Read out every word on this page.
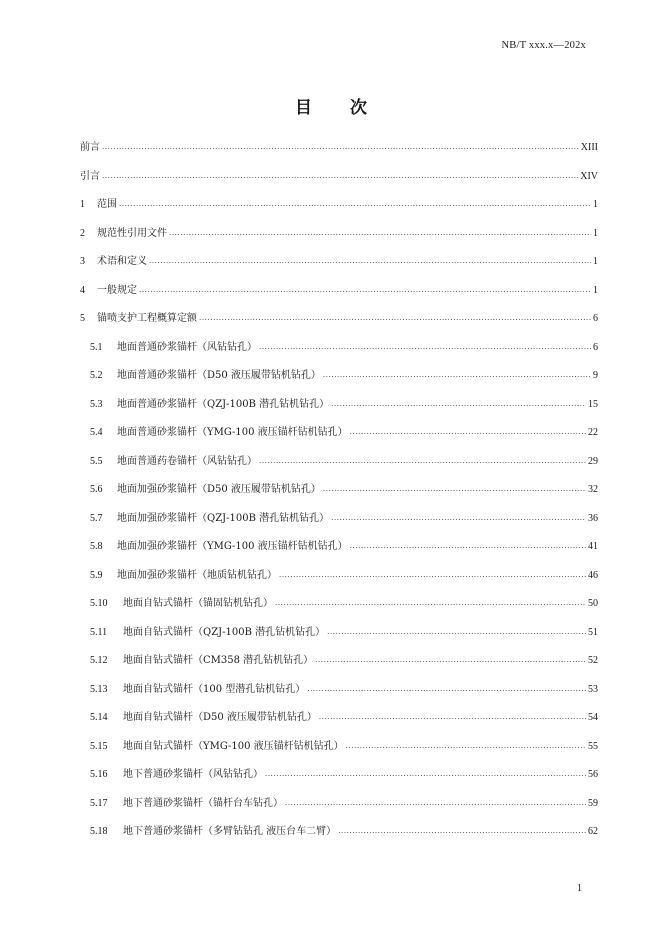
NB/T xxx.x—202x
目 次
前言 .....	XIII
引言 .....	XIV
1	范围 .....	1
2	规范性引用文件 .....	1
3	术语和定义 .....	1
4	一般规定 .....	1
5	锚喷支护工程概算定额 .....	6
5.1	地面普通砂浆锚杆（风钻钻孔） .....	6
5.2	地面普通砂浆锚杆（D50 液压履带钻机钻孔） .....	9
5.3	地面普通砂浆锚杆（QZJ-100B 潜孔钻机钻孔） .....	15
5.4	地面普通砂浆锚杆（YMG-100 液压锚杆钻机钻孔） .....	22
5.5	地面普通药卷锚杆（风钻钻孔） .....	29
5.6	地面加强砂浆锚杆（D50 液压履带钻机钻孔） .....	32
5.7	地面加强砂浆锚杆（QZJ-100B 潜孔钻机钻孔） .....	36
5.8	地面加强砂浆锚杆（YMG-100 液压锚杆钻机钻孔） .....	41
5.9	地面加强砂浆锚杆（地质钻机钻孔） .....	46
5.10	地面自钻式锚杆（锚固钻机钻孔） .....	50
5.11	地面自钻式锚杆（QZJ-100B 潜孔钻机钻孔） .....	51
5.12	地面自钻式锚杆（CM358 潜孔钻机钻孔） .....	52
5.13	地面自钻式锚杆（100 型潜孔钻机钻孔） .....	53
5.14	地面自钻式锚杆（D50 液压履带钻机钻孔） .....	54
5.15	地面自钻式锚杆（YMG-100 液压锚杆钻机钻孔） .....	55
5.16	地下普通砂浆锚杆（风钻钻孔） .....	56
5.17	地下普通砂浆锚杆（锚杆台车钻孔） .....	59
5.18	地下普通砂浆锚杆（多臂钻钻孔 液压台车二臂） .....	62
1
